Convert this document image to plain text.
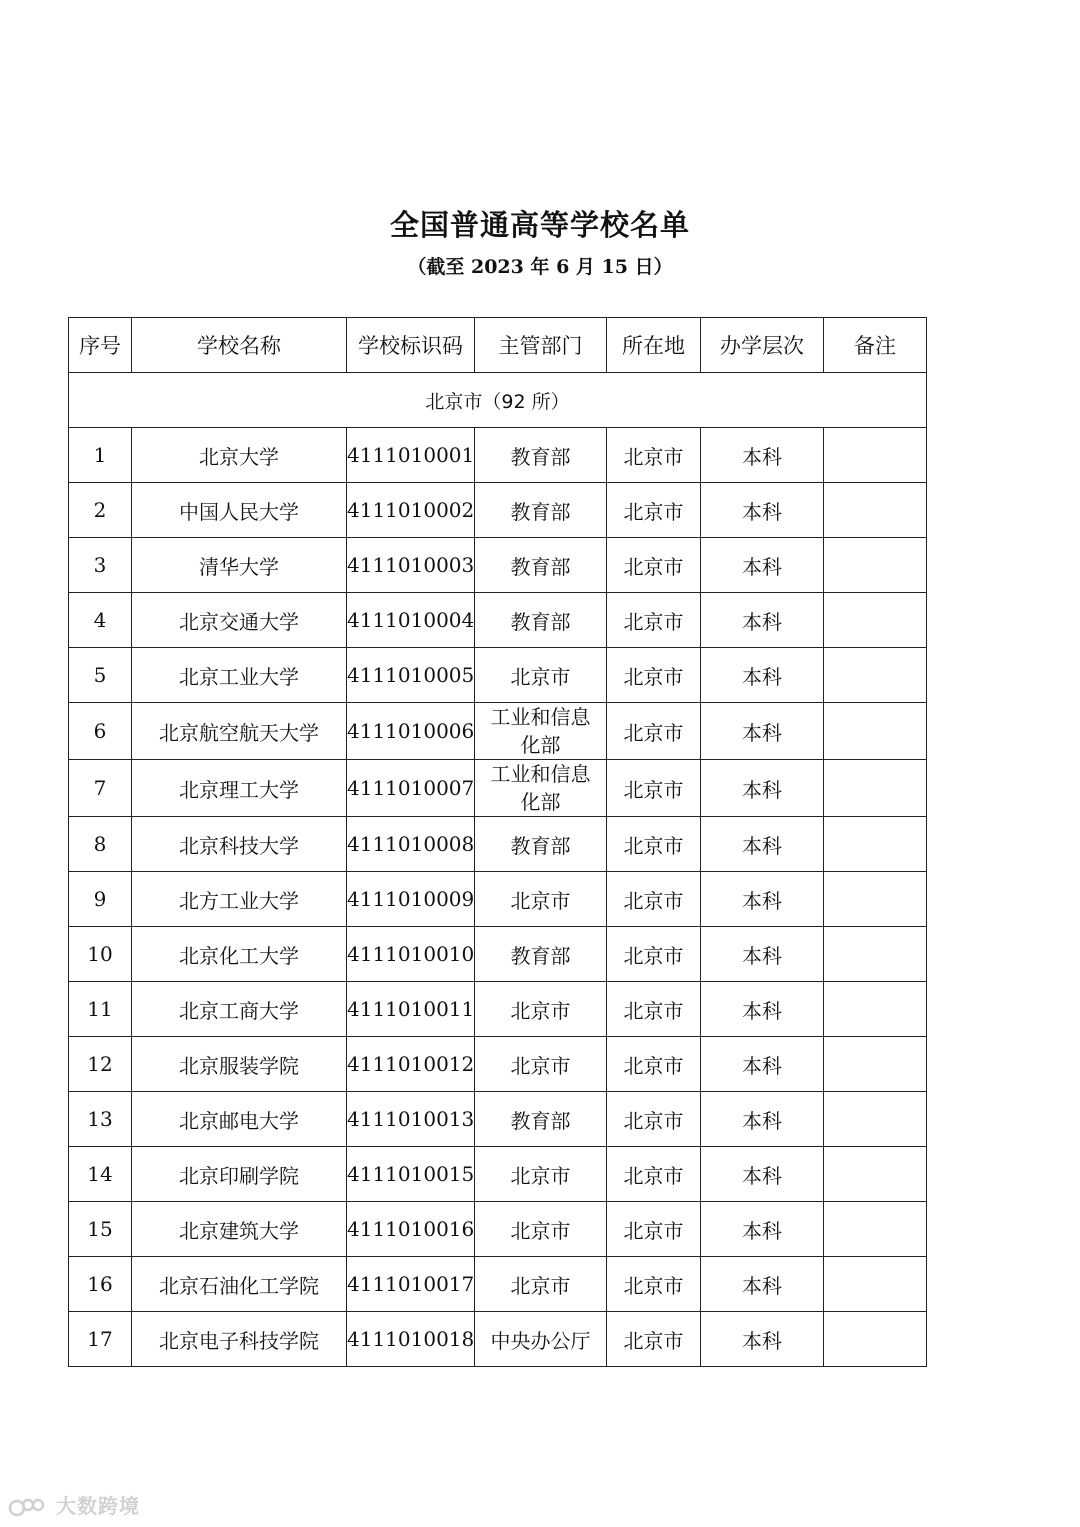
全国普通高等学校名单
（截至 2023 年 6 月 15 日）
序号	学校名称	学校标识码	主管部门	所在地	办学层次	备注
北京市（92 所）						
1	北京大学	4111010001	教育部	北京市	本科	
2	中国人民大学	4111010002	教育部	北京市	本科	
3	清华大学	4111010003	教育部	北京市	本科	
4	北京交通大学	4111010004	教育部	北京市	本科	
5	北京工业大学	4111010005	北京市	北京市	本科	
6	北京航空航天大学	4111010006	工业和信息
化部	北京市	本科	
7	北京理工大学	4111010007	工业和信息
化部	北京市	本科	
8	北京科技大学	4111010008	教育部	北京市	本科	
9	北方工业大学	4111010009	北京市	北京市	本科	
10	北京化工大学	4111010010	教育部	北京市	本科	
11	北京工商大学	4111010011	北京市	北京市	本科	
12	北京服装学院	4111010012	北京市	北京市	本科	
13	北京邮电大学	4111010013	教育部	北京市	本科	
14	北京印刷学院	4111010015	北京市	北京市	本科	
15	北京建筑大学	4111010016	北京市	北京市	本科	
16	北京石油化工学院	4111010017	北京市	北京市	本科	
17	北京电子科技学院	4111010018	中央办公厅	北京市	本科	
大数跨境
